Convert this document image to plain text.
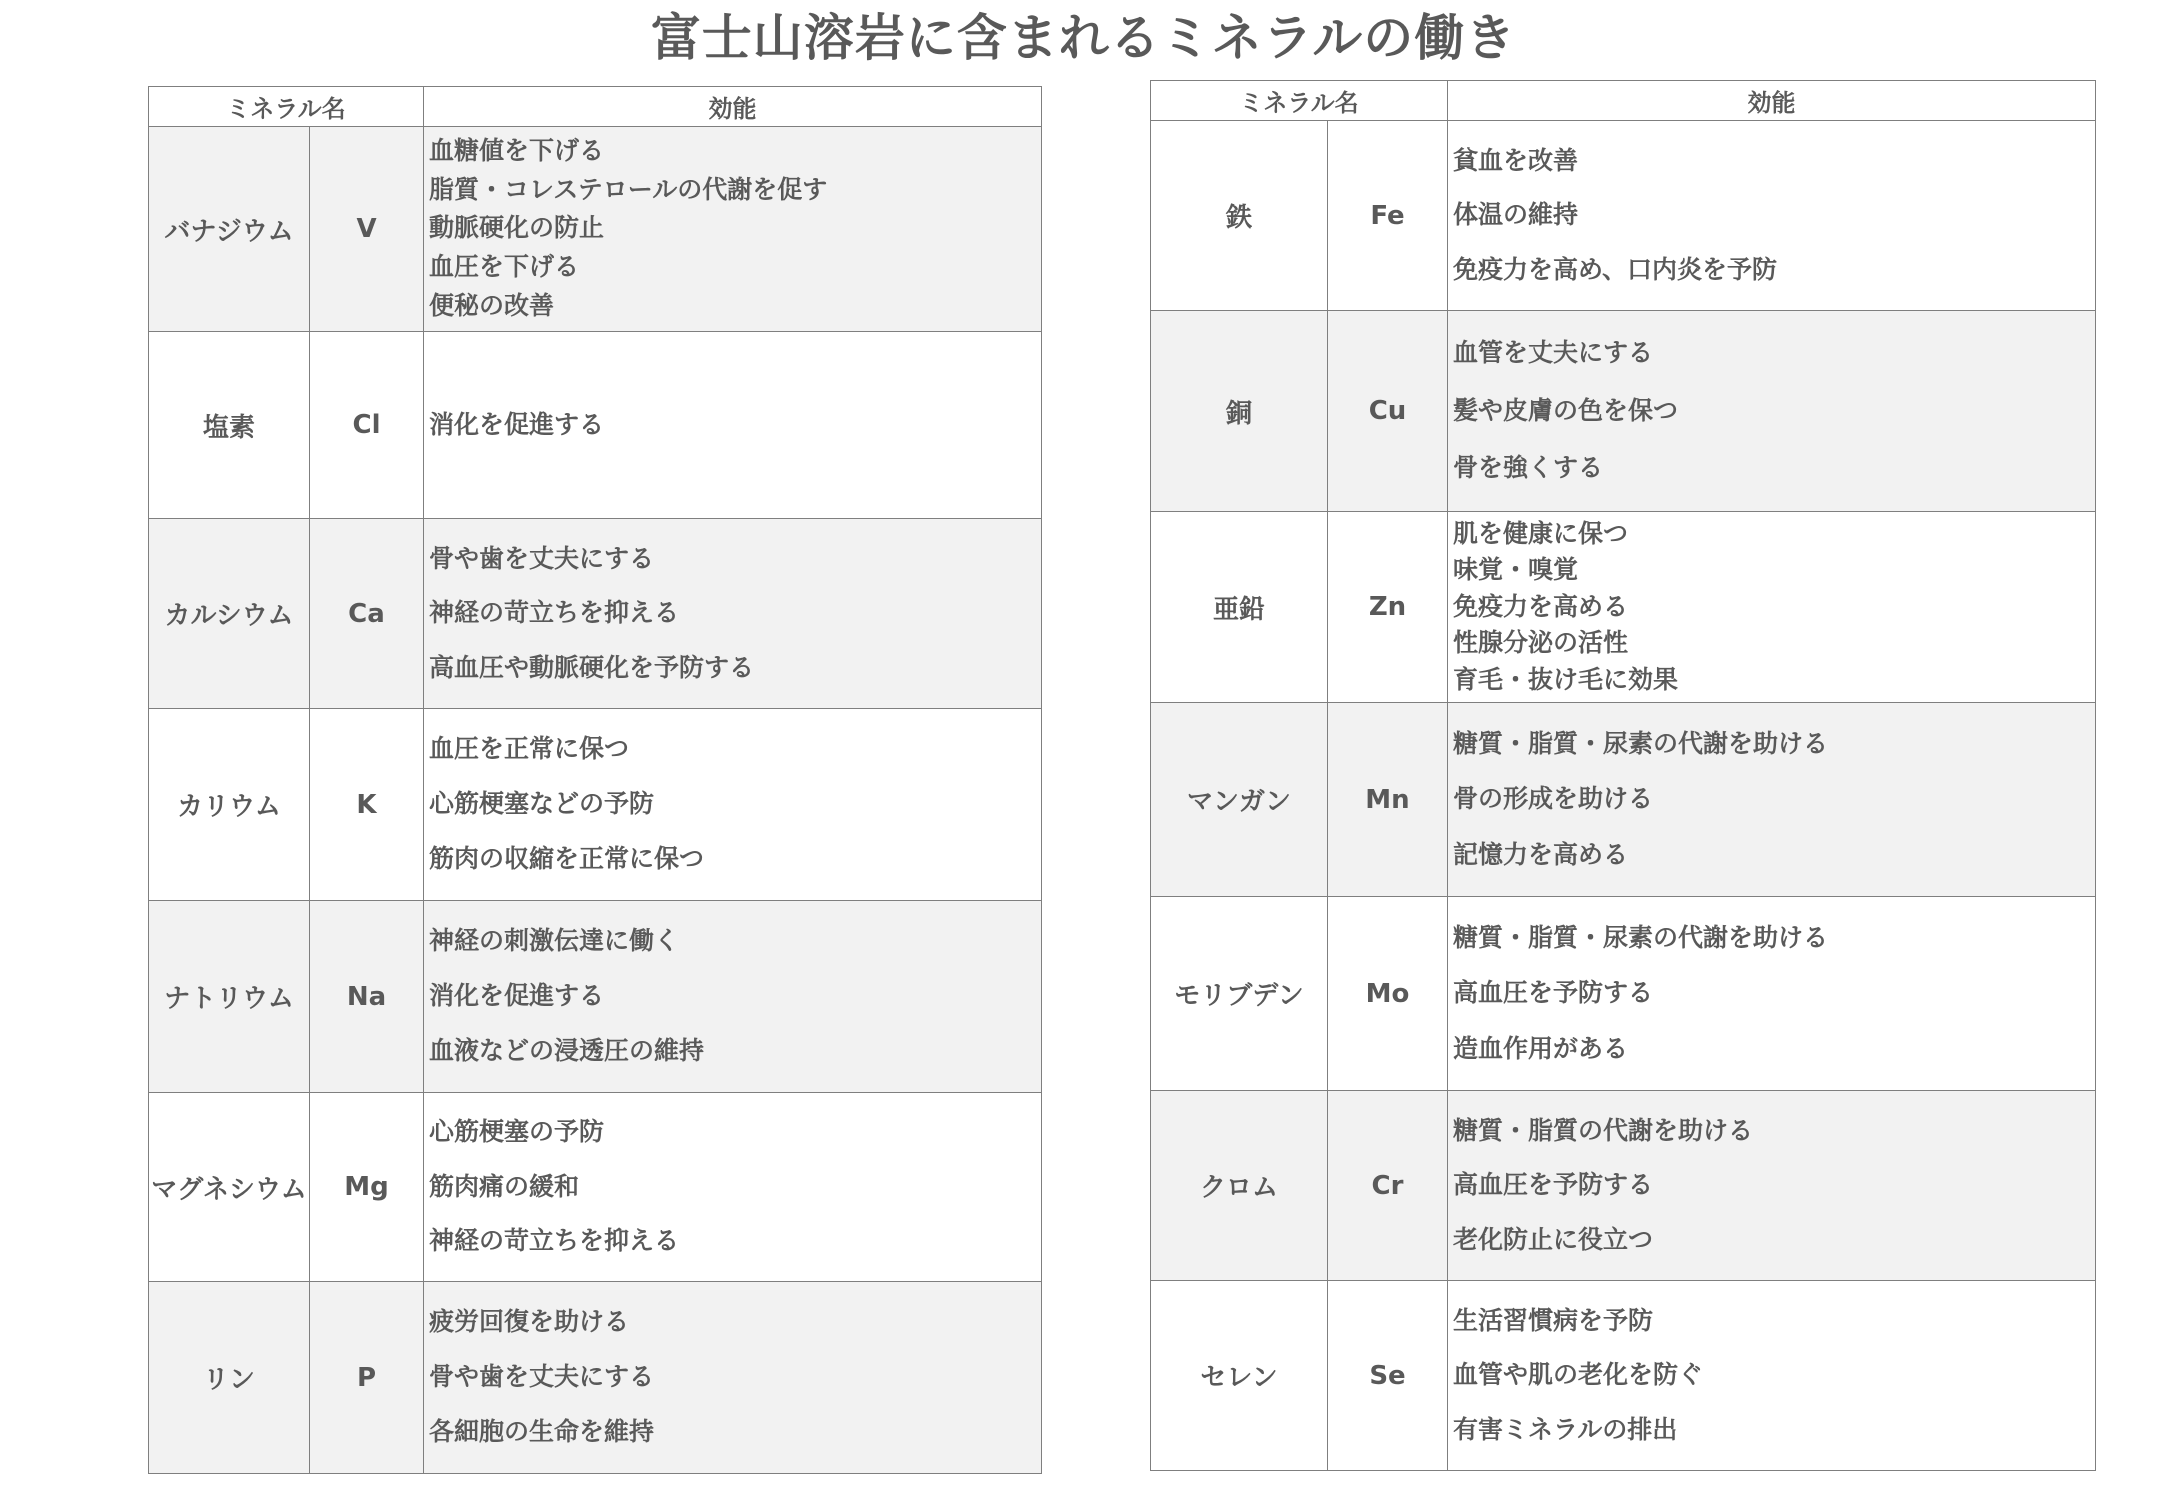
富士山溶岩に含まれるミネラルの働き
ミネラル名		効能
バナジウム	V	血糖値を下げる
脂質・コレステロールの代謝を促す
動脈硬化の防止
血圧を下げる
便秘の改善

塩素	Cl	消化を促進する

カルシウム	Ca	骨や歯を丈夫にする
神経の苛立ちを抑える
高血圧や動脈硬化を予防する

カリウム	K	血圧を正常に保つ
心筋梗塞などの予防
筋肉の収縮を正常に保つ

ナトリウム	Na	神経の刺激伝達に働く
消化を促進する
血液などの浸透圧の維持

マグネシウム	Mg	心筋梗塞の予防
筋肉痛の緩和
神経の苛立ちを抑える

リン	P	疲労回復を助ける
骨や歯を丈夫にする
各細胞の生命を維持
ミネラル名		効能
鉄	Fe	貧血を改善
体温の維持
免疫力を高め、口内炎を予防

銅	Cu	血管を丈夫にする
髪や皮膚の色を保つ
骨を強くする

亜鉛	Zn	肌を健康に保つ
味覚・嗅覚
免疫力を高める
性腺分泌の活性
育毛・抜け毛に効果

マンガン	Mn	糖質・脂質・尿素の代謝を助ける
骨の形成を助ける
記憶力を高める

モリブデン	Mo	糖質・脂質・尿素の代謝を助ける
高血圧を予防する
造血作用がある

クロム	Cr	糖質・脂質の代謝を助ける
高血圧を予防する
老化防止に役立つ

セレン	Se	生活習慣病を予防
血管や肌の老化を防ぐ
有害ミネラルの排出
